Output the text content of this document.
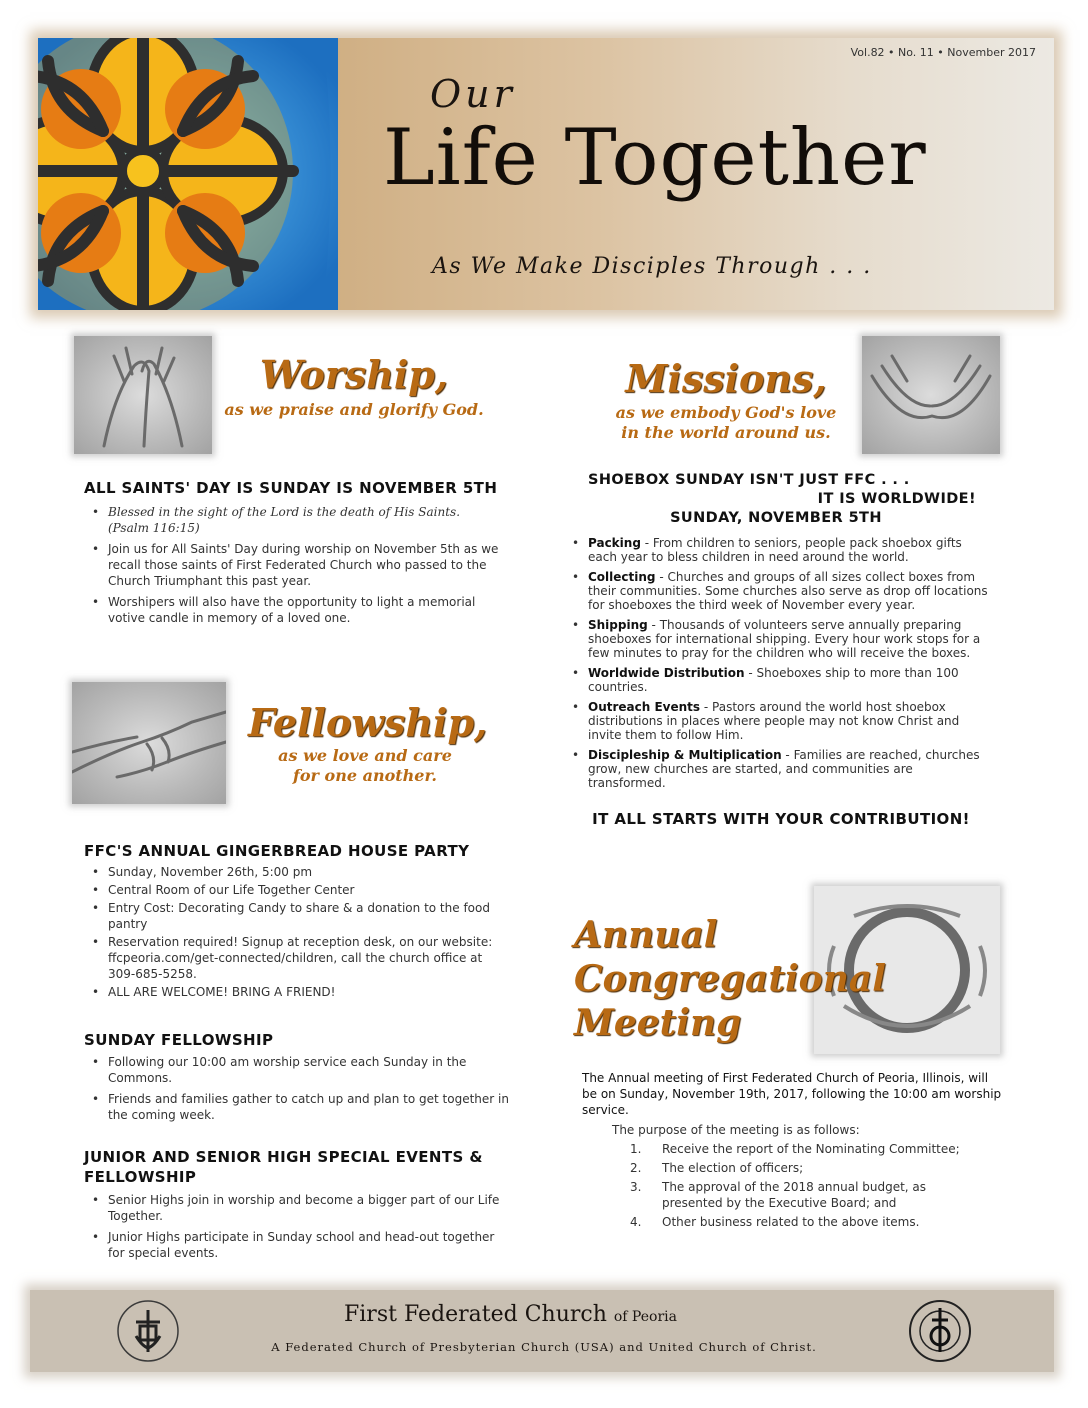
Vol.82 • No. 11 • November 2017
Our
Life Together
As We Make Disciples Through . . .
Worship,
as we praise and glorify God.
ALL SAINTS' DAY IS SUNDAY IS NOVEMBER 5TH
• Blessed in the sight of the Lord is the death of His Saints.
(Psalm 116:15)
• Join us for All Saints' Day during worship on November 5th as we recall those saints of First Federated Church who passed to the Church Triumphant this past year.
• Worshipers will also have the opportunity to light a memorial votive candle in memory of a loved one.
Fellowship,
as we love and care
for one another.
FFC'S ANNUAL GINGERBREAD HOUSE PARTY
• Sunday, November 26th, 5:00 pm
• Central Room of our Life Together Center
• Entry Cost: Decorating Candy to share & a donation to the food pantry
• Reservation required! Signup at reception desk, on our website: ffcpeoria.com/get-connected/children, call the church office at 309-685-5258.
• ALL ARE WELCOME! BRING A FRIEND!
SUNDAY FELLOWSHIP
• Following our 10:00 am worship service each Sunday in the Commons.
• Friends and families gather to catch up and plan to get together in the coming week.
JUNIOR AND SENIOR HIGH SPECIAL EVENTS & FELLOWSHIP
• Senior Highs join in worship and become a bigger part of our Life Together.
• Junior Highs participate in Sunday school and head-out together for special events.
Missions,
as we embody God's love
in the world around us.
SHOEBOX SUNDAY ISN'T JUST FFC . . .
IT IS WORLDWIDE!
SUNDAY, NOVEMBER 5TH
• Packing - From children to seniors, people pack shoebox gifts each year to bless children in need around the world.
• Collecting - Churches and groups of all sizes collect boxes from their communities. Some churches also serve as drop off locations for shoeboxes the third week of November every year.
• Shipping - Thousands of volunteers serve annually preparing shoeboxes for international shipping. Every hour work stops for a few minutes to pray for the children who will receive the boxes.
• Worldwide Distribution - Shoeboxes ship to more than 100 countries.
• Outreach Events - Pastors around the world host shoebox distributions in places where people may not know Christ and invite them to follow Him.
• Discipleship & Multiplication - Families are reached, churches grow, new churches are started, and communities are transformed.
IT ALL STARTS WITH YOUR CONTRIBUTION!
Annual
Congregational
Meeting
The Annual meeting of First Federated Church of Peoria, Illinois, will be on Sunday, November 19th, 2017, following the 10:00 am worship service.
The purpose of the meeting is as follows:
1. Receive the report of the Nominating Committee;
2. The election of officers;
3. The approval of the 2018 annual budget, as presented by the Executive Board; and
4. Other business related to the above items.
First Federated Church of Peoria
A Federated Church of Presbyterian Church (USA) and United Church of Christ.
